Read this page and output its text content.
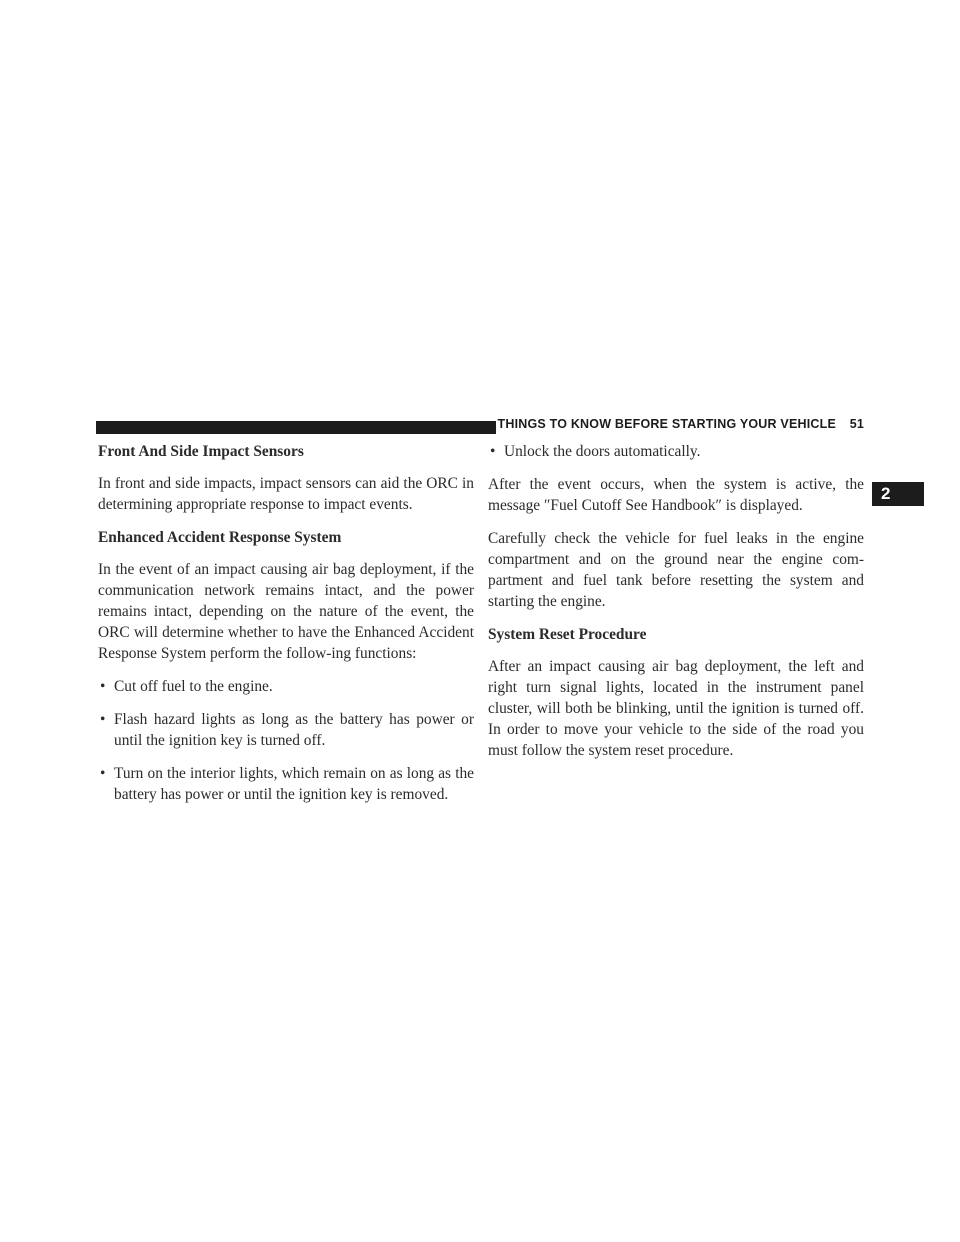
THINGS TO KNOW BEFORE STARTING YOUR VEHICLE 51
2
Front And Side Impact Sensors

In front and side impacts, impact sensors can aid the ORC in determining appropriate response to impact events.

Enhanced Accident Response System

In the event of an impact causing air bag deployment, if the communication network remains intact, and the power remains intact, depending on the nature of the event, the ORC will determine whether to have the Enhanced Accident Response System perform the follow-ing functions:

• Cut off fuel to the engine.
• Flash hazard lights as long as the battery has power or until the ignition key is turned off.
• Turn on the interior lights, which remain on as long as the battery has power or until the ignition key is removed.
• Unlock the doors automatically.

After the event occurs, when the system is active, the message ″Fuel Cutoff See Handbook″ is displayed.

Carefully check the vehicle for fuel leaks in the engine compartment and on the ground near the engine com-partment and fuel tank before resetting the system and starting the engine.

System Reset Procedure

After an impact causing air bag deployment, the left and right turn signal lights, located in the instrument panel cluster, will both be blinking, until the ignition is turned off. In order to move your vehicle to the side of the road you must follow the system reset procedure.
